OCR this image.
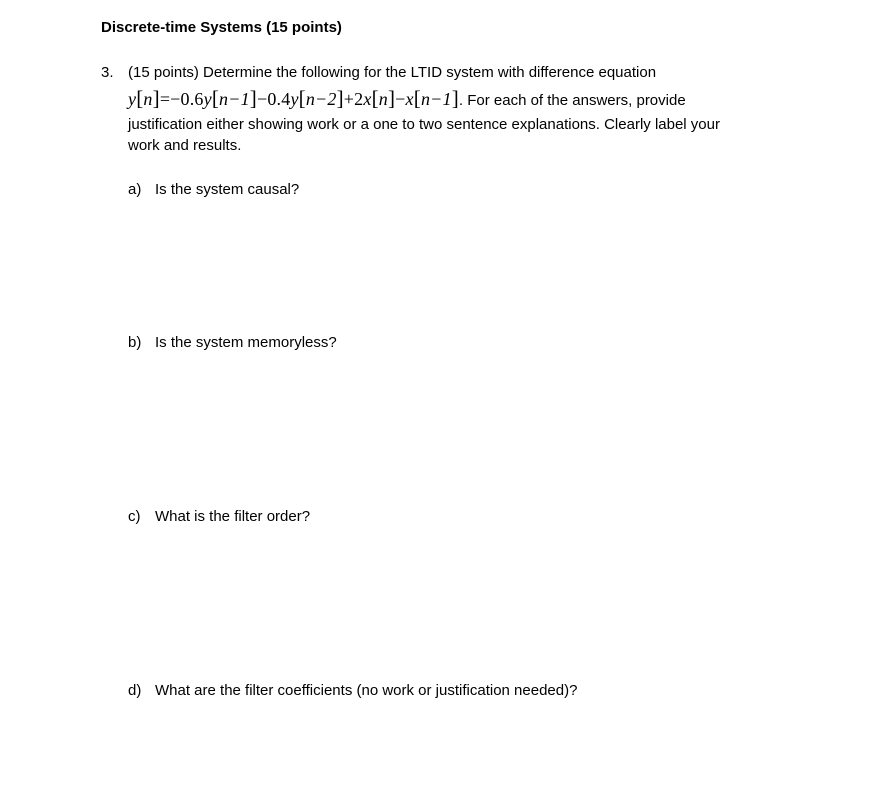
Discrete-time Systems (15 points)
3. (15 points) Determine the following for the LTID system with difference equation
y[n]=−0.6y[n−1]−0.4y[n−2]+2x[n]−x[n−1]. For each of the answers, provide
justification either showing work or a one to two sentence explanations. Clearly label your
work and results.
a) Is the system causal?
b) Is the system memoryless?
c) What is the filter order?
d) What are the filter coefficients (no work or justification needed)?
